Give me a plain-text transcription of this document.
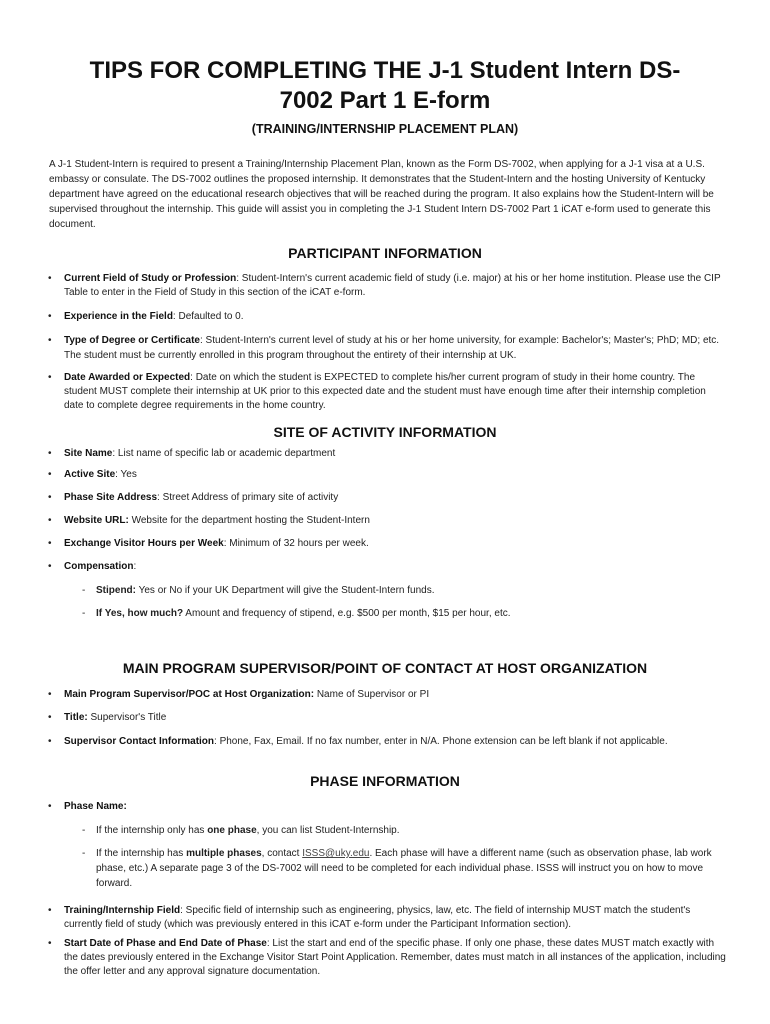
TIPS FOR COMPLETING THE J-1 Student Intern DS-
7002 Part 1 E-form
(TRAINING/INTERNSHIP PLACEMENT PLAN)

A J-1 Student-Intern is required to present a Training/Internship Placement Plan, known as the Form DS-7002, when applying for a J-1 visa at a U.S. embassy or consulate. The DS-7002 outlines the proposed internship. It demonstrates that the Student-Intern and the hosting University of Kentucky department have agreed on the educational research objectives that will be reached during the program. It also explains how the Student-Intern will be supervised throughout the internship. This guide will assist you in completing the J-1 Student Intern DS-7002 Part 1 iCAT e-form used to generate this document.

PARTICIPANT INFORMATION
• Current Field of Study or Profession: Student-Intern's current academic field of study (i.e. major) at his or her home institution. Please use the CIP Table to enter in the Field of Study in this section of the iCAT e-form.
• Experience in the Field: Defaulted to 0.
• Type of Degree or Certificate: Student-Intern's current level of study at his or her home university, for example: Bachelor's; Master's; PhD; MD; etc. The student must be currently enrolled in this program throughout the entirety of their internship at UK.
• Date Awarded or Expected: Date on which the student is EXPECTED to complete his/her current program of study in their home country. The student MUST complete their internship at UK prior to this expected date and the student must have enough time after their internship completion date to complete degree requirements in the home country.
SITE OF ACTIVITY INFORMATION
• Site Name: List name of specific lab or academic department
• Active Site: Yes
• Phase Site Address: Street Address of primary site of activity
• Website URL: Website for the department hosting the Student-Intern
• Exchange Visitor Hours per Week: Minimum of 32 hours per week.
• Compensation:
- Stipend: Yes or No if your UK Department will give the Student-Intern funds.
- If Yes, how much? Amount and frequency of stipend, e.g. $500 per month, $15 per hour, etc.
MAIN PROGRAM SUPERVISOR/POINT OF CONTACT AT HOST ORGANIZATION
• Main Program Supervisor/POC at Host Organization: Name of Supervisor or PI
• Title: Supervisor's Title
• Supervisor Contact Information: Phone, Fax, Email. If no fax number, enter in N/A. Phone extension can be left blank if not applicable.
PHASE INFORMATION
• Phase Name:
- If the internship only has one phase, you can list Student-Internship.
- If the internship has multiple phases, contact ISSS@uky.edu. Each phase will have a different name (such as observation phase, lab work phase, etc.) A separate page 3 of the DS-7002 will need to be completed for each individual phase. ISSS will instruct you on how to move forward.
• Training/Internship Field: Specific field of internship such as engineering, physics, law, etc. The field of internship MUST match the student's currently field of study (which was previously entered in this iCAT e-form under the Participant Information section).
• Start Date of Phase and End Date of Phase: List the start and end of the specific phase. If only one phase, these dates MUST match exactly with the dates previously entered in the Exchange Visitor Start Point Application. Remember, dates must match in all instances of the application, including the offer letter and any approval signature documentation.
